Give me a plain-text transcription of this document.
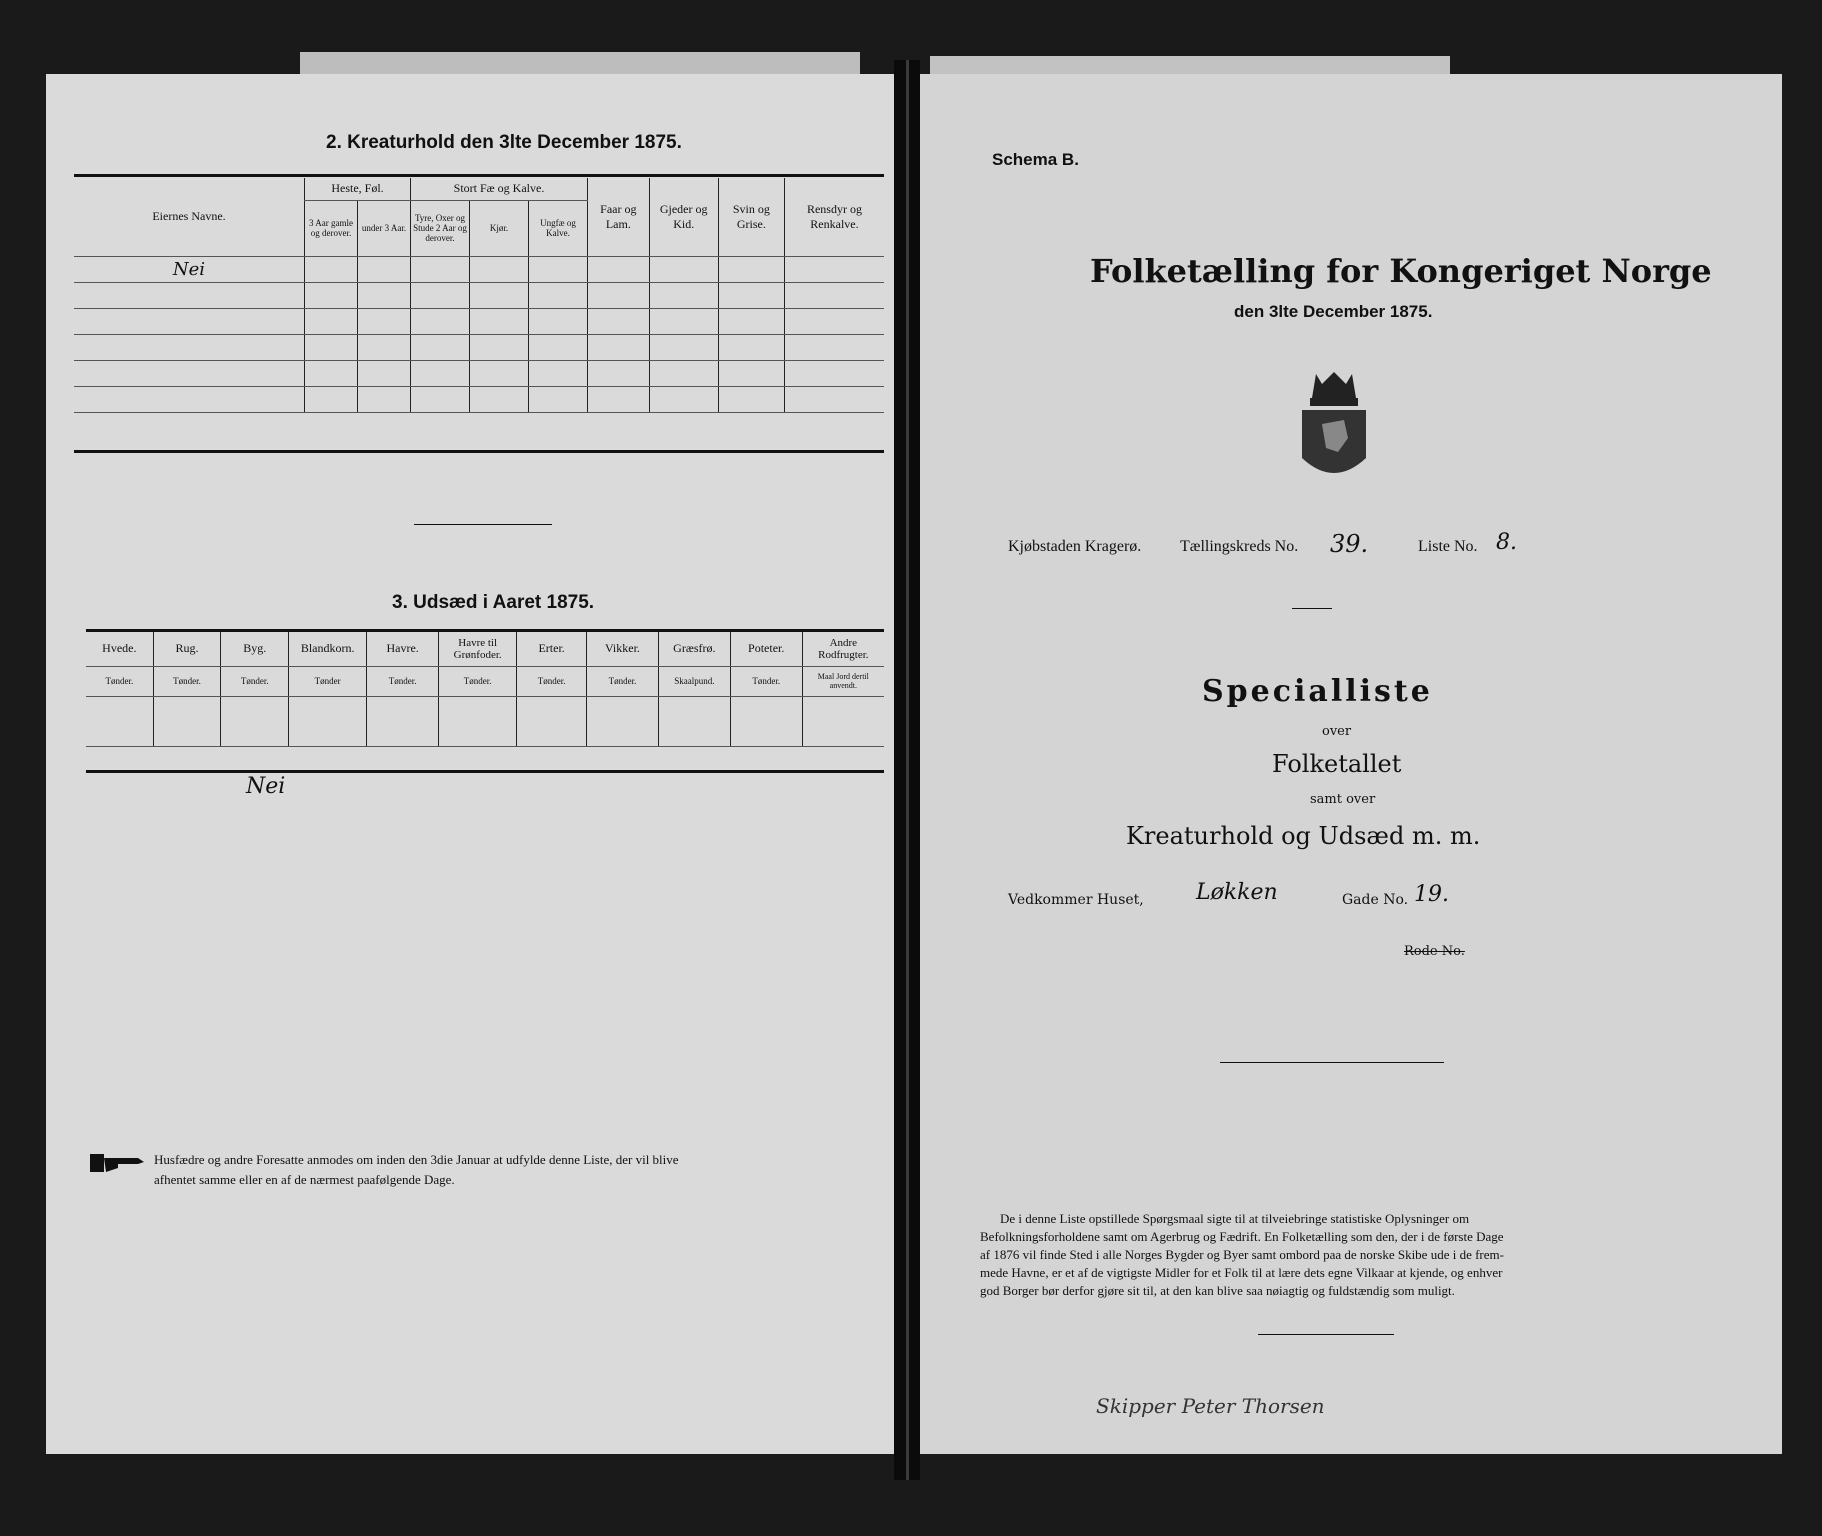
2. Kreaturhold den 3lte December 1875.
Eiernes Navne.	Heste, Føl.		Stort Fæ og Kalve.			Faar og Lam.	Gjeder og Kid.	Svin og Grise.	Rensdyr og Renkalve.
	3 Aar gamle og derover.	under 3 Aar.	Tyre, Oxer og Stude 2 Aar og derover.	Kjør.	Ungfæ og Kalve.				
Nei									

3. Udsæd i Aaret 1875.
Hvede.	Rug.	Byg.	Blandkorn.	Havre.	Havre til Grønfoder.	Erter.	Vikker.	Græsfrø.	Poteter.	Andre Rodfrugter.
Tønder.	Tønder.	Tønder.	Tønder	Tønder.	Tønder.	Tønder.	Tønder.	Skaalpund.	Tønder.	Maal Jord dertil anvendt.

Nei
Husfædre og andre Foresatte anmodes om inden den 3die Januar at udfylde denne Liste, der vil blive
afhentet samme eller en af de nærmest paafølgende Dage.
Schema B.
Folketælling for Kongeriget Norge
den 3lte December 1875.
Kjøbstaden Kragerø. Tællingskreds No. 39.	Liste No. 8.
Specialliste
over
Folketallet
samt over
Kreaturhold og Udsæd m. m.
Vedkommer Huset, Løkken	Gade No. 19.
Rode No.
De i denne Liste opstillede Spørgsmaal sigte til at tilveiebringe statistiske Oplysninger om
Befolkningsforholdene samt om Agerbrug og Fædrift. En Folketælling som den, der i de første Dage
af 1876 vil finde Sted i alle Norges Bygder og Byer samt ombord paa de norske Skibe ude i de frem-
mede Havne, er et af de vigtigste Midler for et Folk til at lære dets egne Vilkaar at kjende, og enhver
god Borger bør derfor gjøre sit til, at den kan blive saa nøiagtig og fuldstændig som muligt.
Skipper Peter Thorsen
